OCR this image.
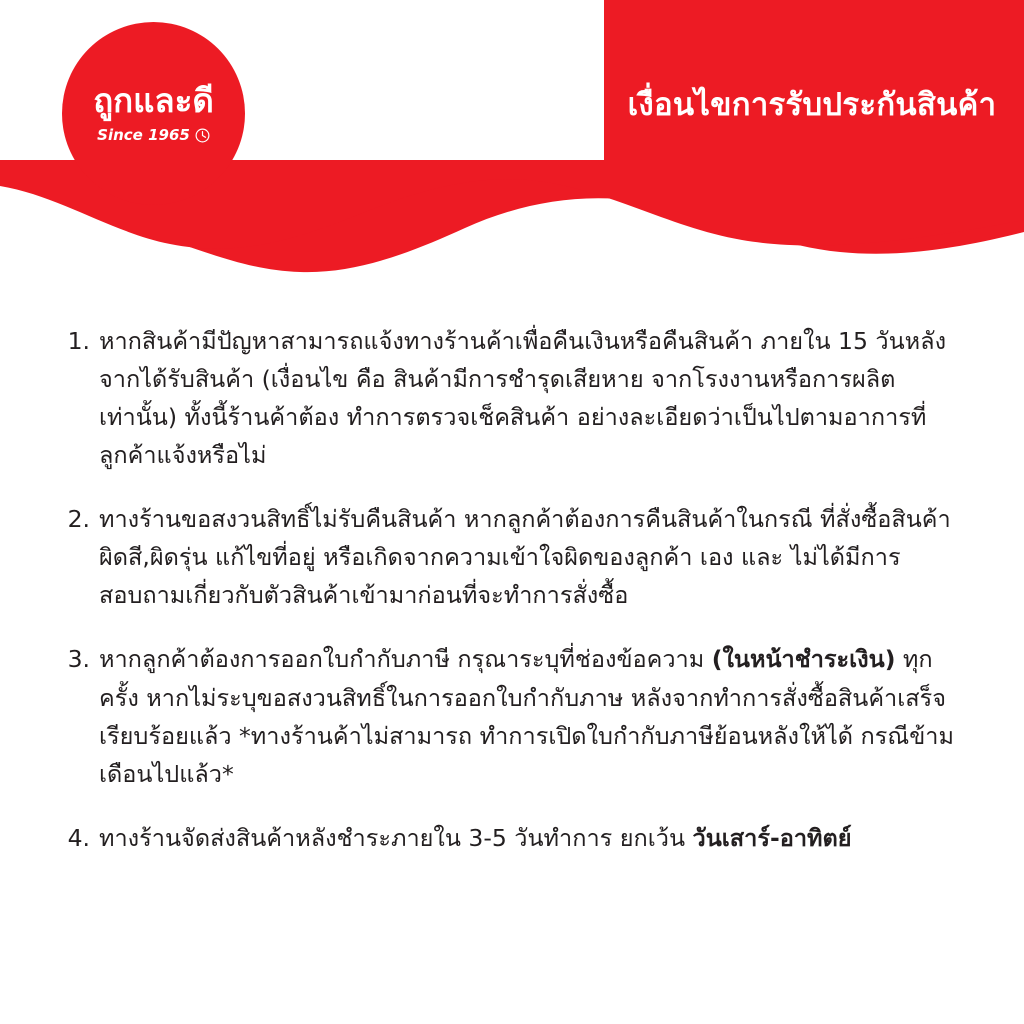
ถูกและดี
Since 1965
เงื่อนไขการรับประกันสินค้า
1. หากสินค้ามีปัญหาสามารถแจ้งทางร้านค้าเพื่อคืนเงินหรือคืนสินค้า ภายใน 15 วันหลังจากได้รับสินค้า (เงื่อนไข คือ สินค้ามีการชำรุดเสียหาย จากโรงงานหรือการผลิตเท่านั้น) ทั้งนี้ร้านค้าต้อง ทำการตรวจเช็คสินค้า อย่างละเอียดว่าเป็นไปตามอาการที่ลูกค้าแจ้งหรือไม่
2. ทางร้านขอสงวนสิทธิ์ไม่รับคืนสินค้า หากลูกค้าต้องการคืนสินค้าในกรณี ที่สั่งซื้อสินค้าผิดสี,ผิดรุ่น แก้ไขที่อยู่ หรือเกิดจากความเข้าใจผิดของลูกค้า เอง และ ไม่ได้มีการสอบถามเกี่ยวกับตัวสินค้าเข้ามาก่อนที่จะทำการสั่งซื้อ
3. หากลูกค้าต้องการออกใบกำกับภาษี กรุณาระบุที่ช่องข้อความ (ในหน้าชำระเงิน) ทุกครั้ง หากไม่ระบุขอสงวนสิทธิ์ในการออกใบกำกับภาษ หลังจากทำการสั่งซื้อสินค้าเสร็จเรียบร้อยแล้ว *ทางร้านค้าไม่สามารถ ทำการเปิดใบกำกับภาษีย้อนหลังให้ได้ กรณีข้ามเดือนไปแล้ว*
4. ทางร้านจัดส่งสินค้าหลังชำระภายใน 3-5 วันทำการ ยกเว้น วันเสาร์-อาทิตย์
